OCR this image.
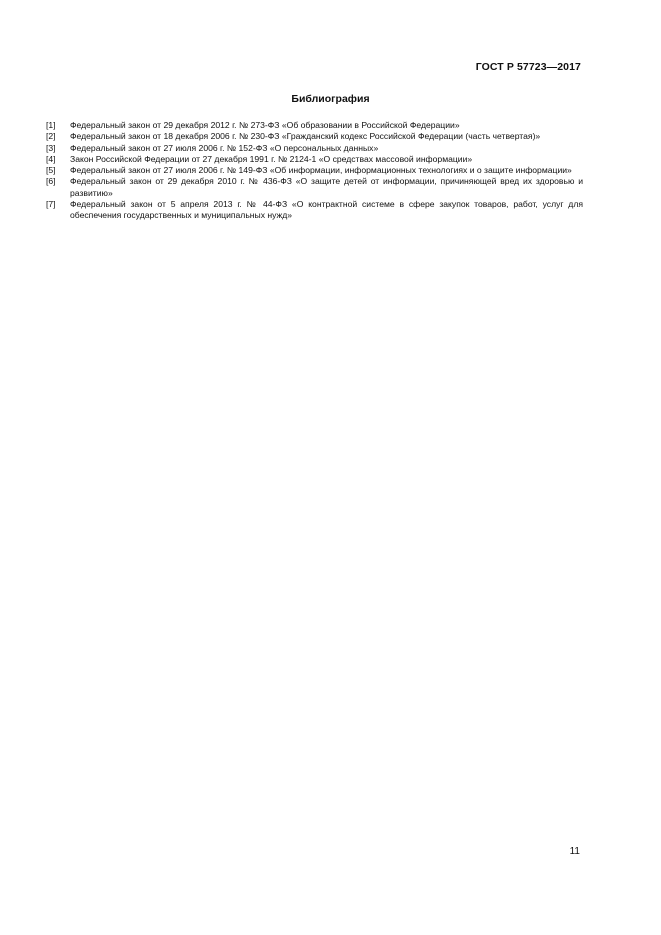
ГОСТ Р 57723—2017
Библиография
[1]	Федеральный закон от 29 декабря 2012 г. № 273-ФЗ «Об образовании в Российской Федерации»
[2]	Федеральный закон от 18 декабря 2006 г. № 230-ФЗ «Гражданский кодекс Российской Федерации (часть четвертая)»
[3]	Федеральный закон от 27 июля 2006 г. № 152-ФЗ «О персональных данных»
[4]	Закон Российской Федерации от 27 декабря 1991 г. № 2124-1 «О средствах массовой информации»
[5]	Федеральный закон от 27 июля 2006 г. № 149-ФЗ «Об информации, информационных технологиях и о защите информации»
[6]	Федеральный закон от 29 декабря 2010 г. № 436-ФЗ «О защите детей от информации, причиняющей вред их здоровью и развитию»
[7]	Федеральный закон от 5 апреля 2013 г. № 44-ФЗ «О контрактной системе в сфере закупок товаров, работ, услуг для обеспечения государственных и муниципальных нужд»
11
